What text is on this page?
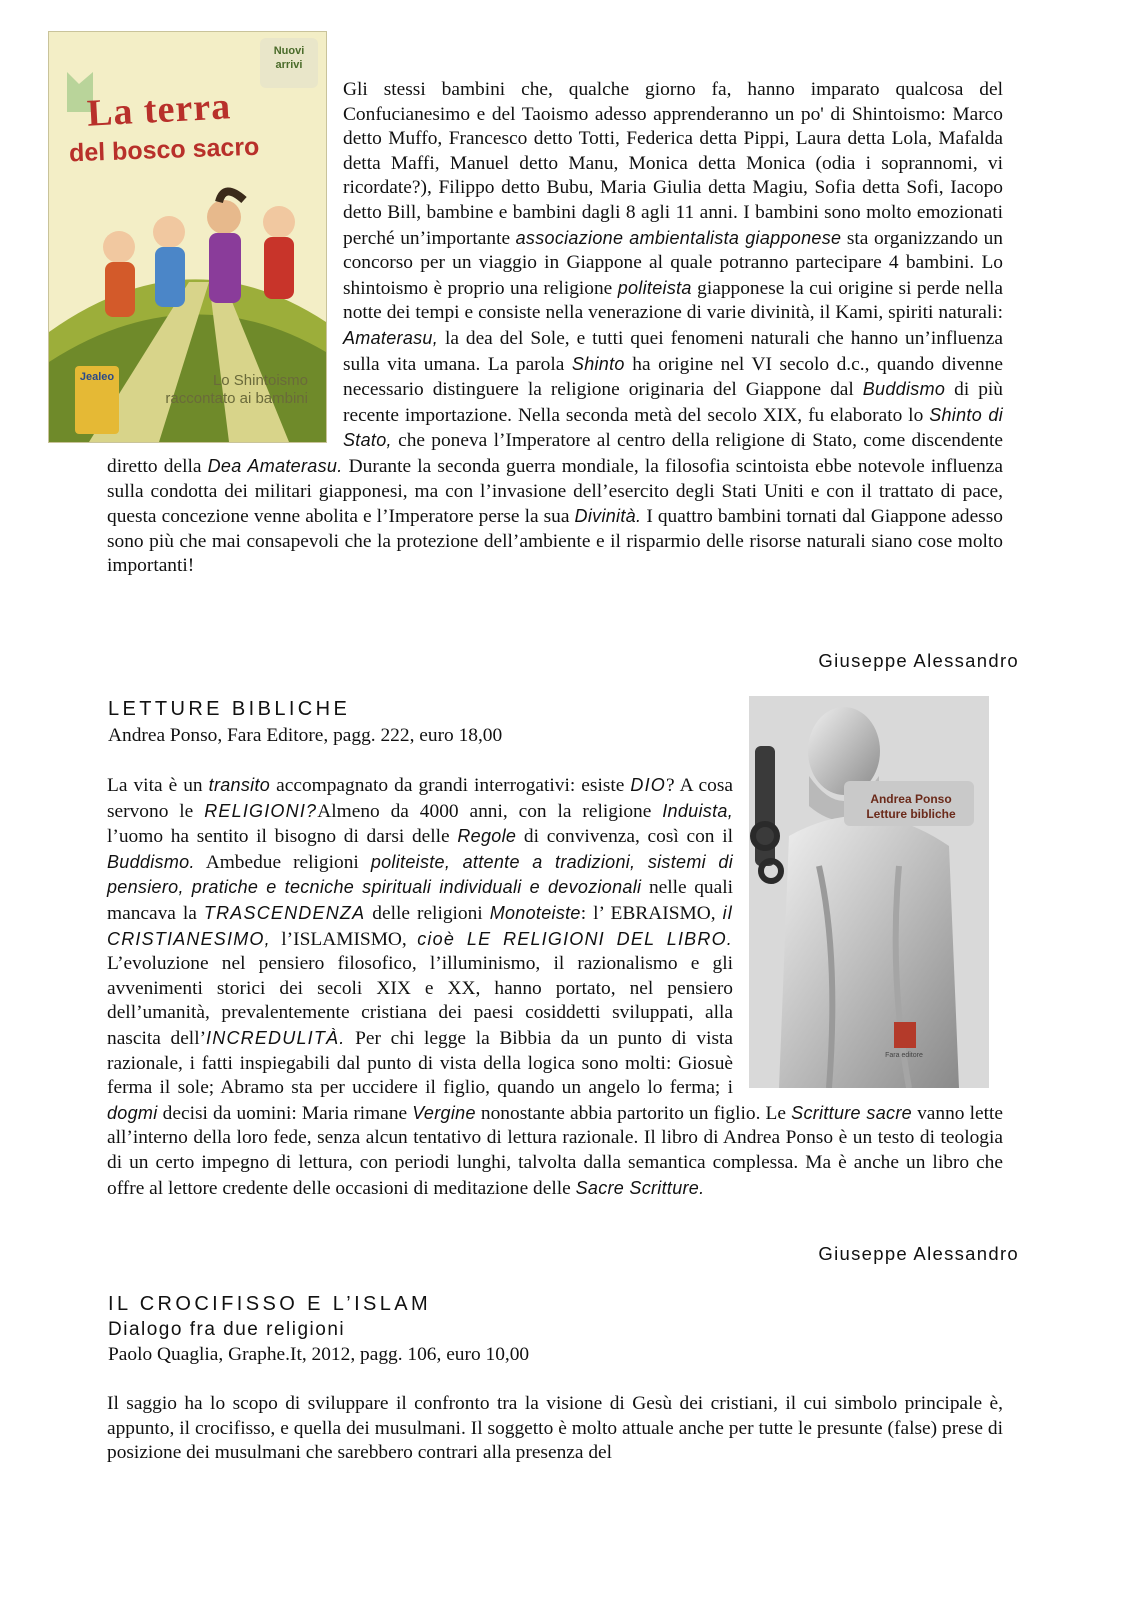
Nuovi arrivi
La terra
del bosco sacro
Jealeo	Lo Shintoismo
raccontato ai bambini

Gli stessi bambini che, qualche giorno fa, hanno imparato qualcosa del Confucianesimo e del Taoismo adesso apprenderanno un po' di Shintoismo: Marco detto Muffo, Francesco detto Totti, Federica detta Pippi, Laura detta Lola, Mafalda detta Maffi, Manuel detto Manu, Monica detta Monica (odia i soprannomi, vi ricordate?), Filippo detto Bubu, Maria Giulia detta Magiu, Sofia detta Sofi, Iacopo detto Bill, bambine e bambini dagli 8 agli 11 anni. I bambini sono molto emozionati perché un’importante associazione ambientalista giapponese sta organizzando un concorso per un viaggio in Giappone al quale potranno partecipare 4 bambini. Lo shintoismo è proprio una religione politeista giapponese la cui origine si perde nella notte dei tempi e consiste nella venerazione di varie divinità, il Kami, spiriti naturali: Amaterasu, la dea del Sole, e tutti quei fenomeni naturali che hanno un’influenza sulla vita umana. La parola Shinto ha origine nel VI secolo d.c., quando divenne necessario distinguere la religione originaria del Giappone dal Buddismo di più recente importazione. Nella seconda metà del secolo XIX, fu elaborato lo Shinto di Stato, che poneva l’Imperatore al centro della religione di Stato, come discendente diretto della Dea Amaterasu. Durante la seconda guerra mondiale, la filosofia scintoista ebbe notevole influenza sulla condotta dei militari giapponesi, ma con l’invasione dell’esercito degli Stati Uniti e con il trattato di pace, questa concezione venne abolita e l’Imperatore perse la sua Divinità. I quattro bambini tornati dal Giappone adesso sono più che mai consapevoli che la protezione dell’ambiente e il risparmio delle risorse naturali siano cose molto importanti!

Giuseppe Alessandro
LETTURE BIBLICHE
Andrea Ponso, Fara Editore, pagg. 222, euro 18,00
Andrea Ponso
Letture bibliche
Fara editore

La vita è un transito accompagnato da grandi interrogativi: esiste DIO? A cosa servono le RELIGIONI?Almeno da 4000 anni, con la religione Induista, l’uomo ha sentito il bisogno di darsi delle Regole di convivenza, così con il Buddismo. Ambedue religioni politeiste, attente a tradizioni, sistemi di pensiero, pratiche e tecniche spirituali individuali e devozionali nelle quali mancava la TRASCENDENZA delle religioni Monoteiste: l’ EBRAISMO, il CRISTIANESIMO, l’ISLAMISMO, cioè LE RELIGIONI DEL LIBRO. L’evoluzione nel pensiero filosofico, l’illuminismo, il razionalismo e gli avvenimenti storici dei secoli XIX e XX, hanno portato, nel pensiero dell’umanità, prevalentemente cristiana dei paesi cosiddetti sviluppati, alla nascita dell’INCREDULITÀ. Per chi legge la Bibbia da un punto di vista razionale, i fatti inspiegabili dal punto di vista della logica sono molti: Giosuè ferma il sole; Abramo sta per uccidere il figlio, quando un angelo lo ferma; i dogmi decisi da uomini: Maria rimane Vergine nonostante abbia partorito un figlio. Le Scritture sacre vanno lette all’interno della loro fede, senza alcun tentativo di lettura razionale. Il libro di Andrea Ponso è un testo di teologia di un certo impegno di lettura, con periodi lunghi, talvolta dalla semantica complessa. Ma è anche un libro che offre al lettore credente delle occasioni di meditazione delle Sacre Scritture.

Giuseppe Alessandro
IL CROCIFISSO E L’ISLAM
Dialogo fra due religioni
Paolo Quaglia, Graphe.It, 2012, pagg. 106, euro 10,00

Il saggio ha lo scopo di sviluppare il confronto tra la visione di Gesù dei cristiani, il cui simbolo principale è, appunto, il crocifisso, e quella dei musulmani. Il soggetto è molto attuale anche per tutte le presunte (false) prese di posizione dei musulmani che sarebbero contrari alla presenza del
